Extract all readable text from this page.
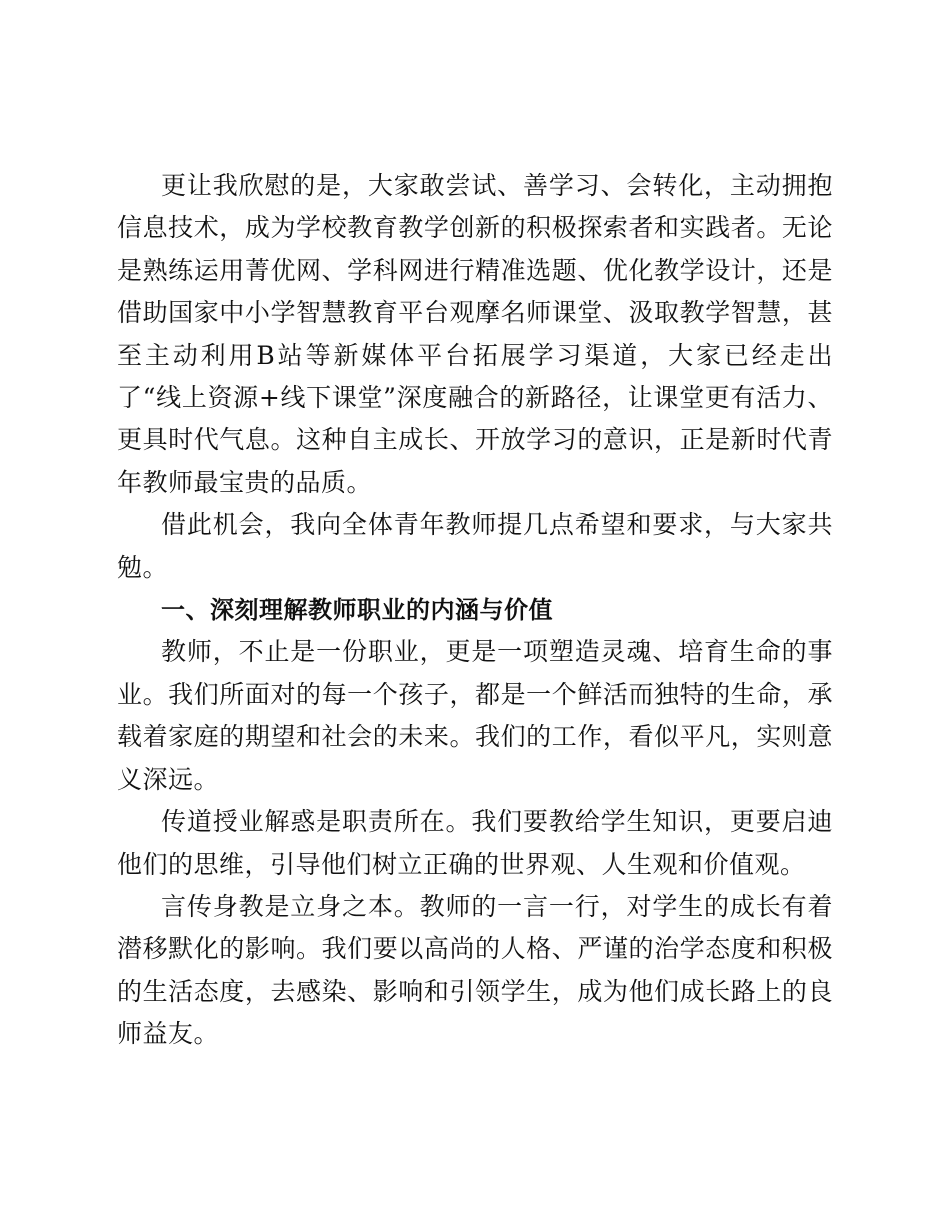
更让我欣慰的是，大家敢尝试、善学习、会转化，主动拥抱信息技术，成为学校教育教学创新的积极探索者和实践者。无论是熟练运用菁优网、学科网进行精准选题、优化教学设计，还是借助国家中小学智慧教育平台观摩名师课堂、汲取教学智慧，甚至主动利用B站等新媒体平台拓展学习渠道，大家已经走出了“线上资源+线下课堂”深度融合的新路径，让课堂更有活力、更具时代气息。这种自主成长、开放学习的意识，正是新时代青年教师最宝贵的品质。

借此机会，我向全体青年教师提几点希望和要求，与大家共勉。

一、深刻理解教师职业的内涵与价值

教师，不止是一份职业，更是一项塑造灵魂、培育生命的事业。我们所面对的每一个孩子，都是一个鲜活而独特的生命，承载着家庭的期望和社会的未来。我们的工作，看似平凡，实则意义深远。

传道授业解惑是职责所在。我们要教给学生知识，更要启迪他们的思维，引导他们树立正确的世界观、人生观和价值观。

言传身教是立身之本。教师的一言一行，对学生的成长有着潜移默化的影响。我们要以高尚的人格、严谨的治学态度和积极的生活态度，去感染、影响和引领学生，成为他们成长路上的良师益友。
